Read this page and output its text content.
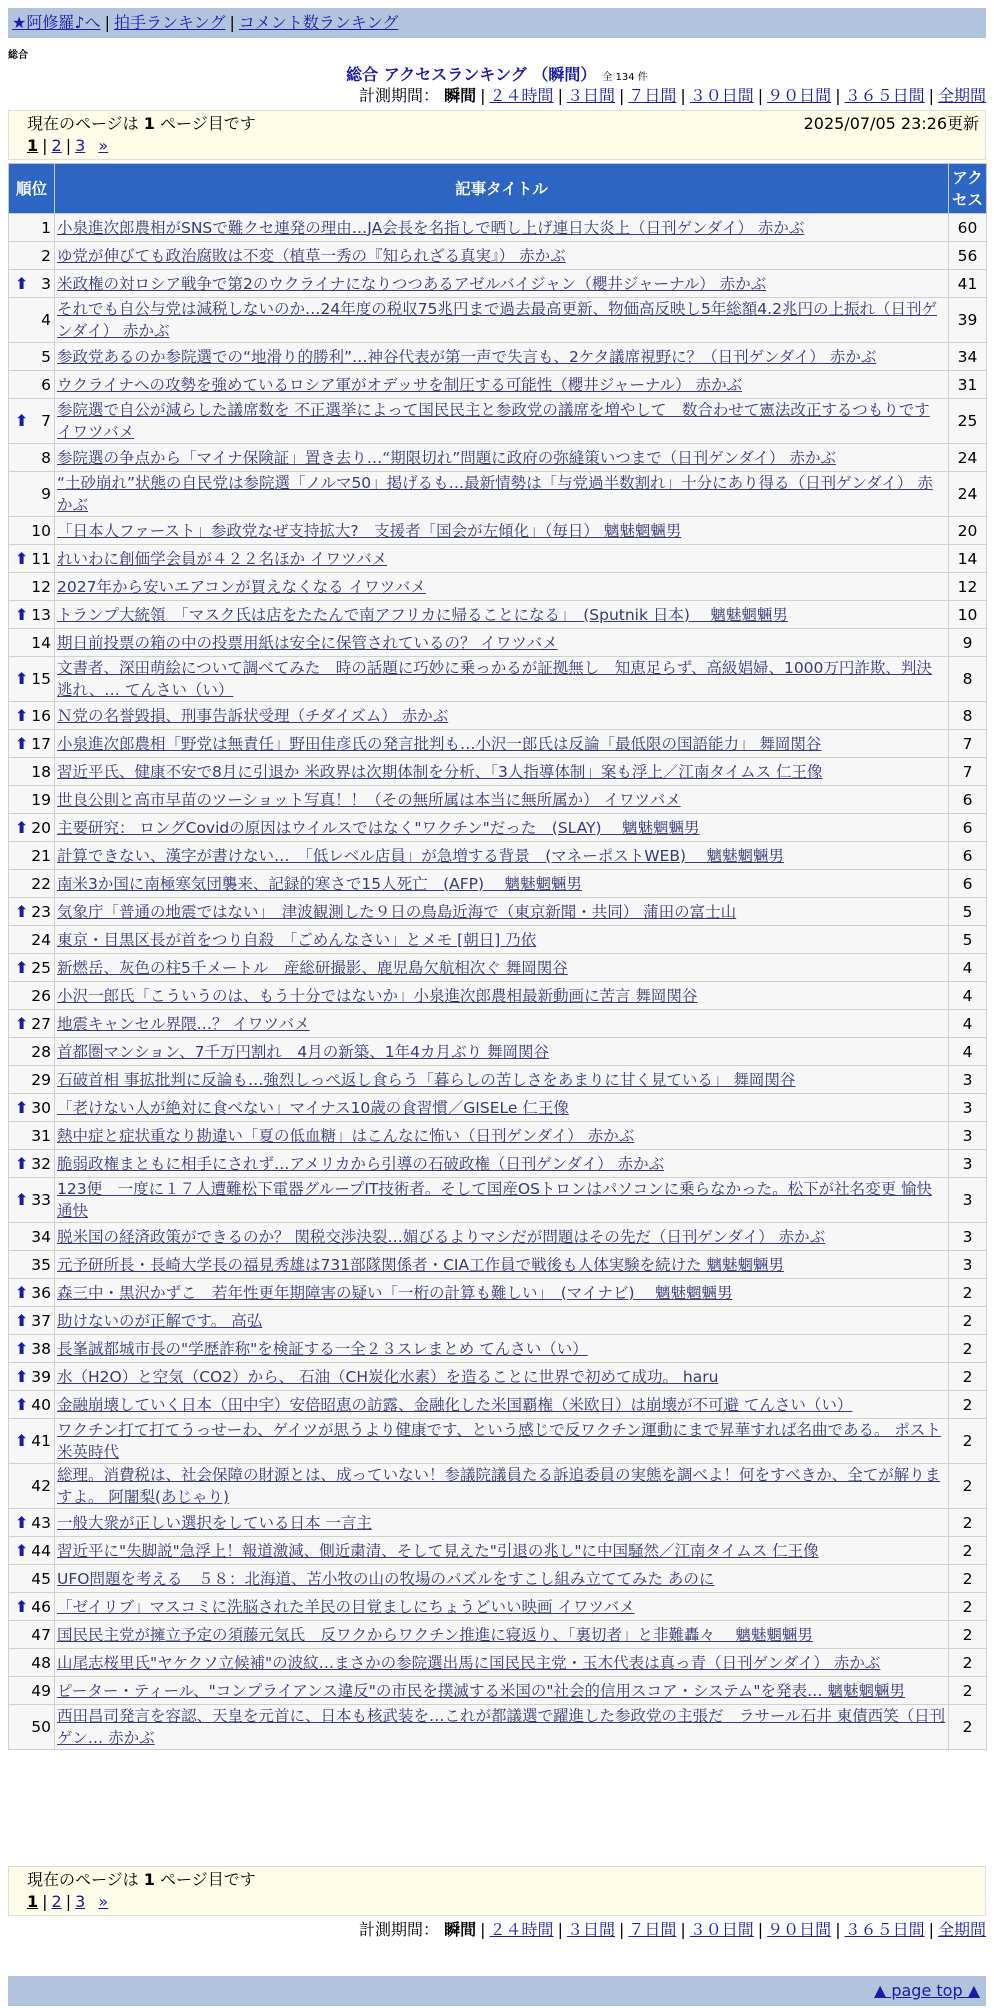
★阿修羅♪へ | 拍手ランキング | コメント数ランキング
総合
総合 アクセスランキング （瞬間） 全 134 件
計測期間： 瞬間 | ２４時間 | ３日間 | ７日間 | ３０日間 | ９０日間 | ３６５日間 | 全期間
現在のページは 1 ページ目です	2025/07/05 23:26更新
1 | 2 | 3 »
順位	記事タイトル	アクセス
1	小泉進次郎農相がSNSで難クセ連発の理由…JA会長を名指しで晒し上げ連日大炎上（日刊ゲンダイ） 赤かぶ	60
2	ゆ党が伸びても政治腐敗は不変（植草一秀の『知られざる真実』） 赤かぶ	56

⬆ 3	米政権の対ロシア戦争で第2のウクライナになりつつあるアゼルバイジャン（櫻井ジャーナル） 赤かぶ	41
4	それでも自公与党は減税しないのか…24年度の税収75兆円まで過去最高更新、物価高反映し5年総額4.2兆円の上振れ（日刊ゲンダイ） 赤かぶ	39
5	参政党あるのか参院選での“地滑り的勝利”…神谷代表が第一声で失言も、2ケタ議席視野に？（日刊ゲンダイ） 赤かぶ	34
6	ウクライナへの攻勢を強めているロシア軍がオデッサを制圧する可能性（櫻井ジャーナル） 赤かぶ	31

⬆ 7	参院選で自公が減らした議席数を 不正選挙によって国民民主と参政党の議席を増やして　数合わせて憲法改正するつもりです イワツバメ	25
8	参院選の争点から「マイナ保険証」置き去り…“期限切れ”問題に政府の弥縫策いつまで（日刊ゲンダイ） 赤かぶ	24
9	“土砂崩れ”状態の自民党は参院選「ノルマ50」掲げるも…最新情勢は「与党過半数割れ」十分にあり得る（日刊ゲンダイ） 赤かぶ	24
10	「日本人ファースト」参政党なぜ支持拡大?　支援者「国会が左傾化」（毎日） 魑魅魍魎男	20

⬆ 11	れいわに創価学会員が４２２名ほか イワツバメ	14
12	2027年から安いエアコンが買えなくなる イワツバメ	12

⬆ 13	トランプ大統領　「マスク氏は店をたたんで南アフリカに帰ることになる」　(Sputnik 日本)　 魑魅魍魎男	10
14	期日前投票の箱の中の投票用紙は安全に保管されているの？ イワツバメ	9

⬆ 15	文書者、深田萌絵について調べてみた　時の話題に巧妙に乗っかるが証拠無し　知恵足らず、高級娼婦、1000万円詐欺、判決逃れ、… てんさい（い）	8

⬆ 16	Ｎ党の名誉毀損、刑事告訴状受理（チダイズム） 赤かぶ	8

⬆ 17	小泉進次郎農相「野党は無責任」野田佳彦氏の発言批判も…小沢一郎氏は反論「最低限の国語能力」 舞岡関谷	7
18	習近平氏、健康不安で8月に引退か 米政界は次期体制を分析、「3人指導体制」案も浮上／江南タイムス 仁王像	7
19	世良公則と高市早苗のツーショット写真！！（その無所属は本当に無所属か） イワツバメ	6

⬆ 20	主要研究： ロングCovidの原因はウイルスではなく"ワクチン"だった　(SLAY)　 魑魅魍魎男	6
21	計算できない、漢字が書けない…　「低レベル店員」が急増する背景　(マネーポストWEB)　 魑魅魍魎男	6
22	南米3か国に南極寒気団襲来、記録的寒さで15人死亡　(AFP)　 魑魅魍魎男	6

⬆ 23	気象庁「普通の地震ではない」　津波観測した９日の鳥島近海で（東京新聞・共同） 蒲田の富士山	5
24	東京・目黒区長が首をつり自殺　「ごめんなさい」とメモ [朝日] 乃依	5

⬆ 25	新燃岳、灰色の柱5千メートル　産総研撮影、鹿児島欠航相次ぐ 舞岡関谷	4
26	小沢一郎氏「こういうのは、もう十分ではないか」小泉進次郎農相最新動画に苦言 舞岡関谷	4

⬆ 27	地震キャンセル界隈…？ イワツバメ	4
28	首都圏マンション、7千万円割れ　4月の新築、1年4カ月ぶり 舞岡関谷	4
29	石破首相 事拡批判に反論も…強烈しっぺ返し食らう「暮らしの苦しさをあまりに甘く見ている」 舞岡関谷	3

⬆ 30	「老けない人が絶対に食べない」マイナス10歳の食習慣／GISELe 仁王像	3
31	熱中症と症状重なり勘違い「夏の低血糖」はこんなに怖い（日刊ゲンダイ） 赤かぶ	3

⬆ 32	脆弱政権まともに相手にされず…アメリカから引導の石破政権（日刊ゲンダイ） 赤かぶ	3

⬆ 33	123便　一度に１７人遭難松下電器グループIT技術者。そして国産OSトロンはパソコンに乗らなかった。松下が社名変更 愉快通快	3
34	脱米国の経済政策ができるのか？ 関税交渉決裂…媚びるよりマシだが問題はその先だ（日刊ゲンダイ） 赤かぶ	3
35	元予研所長・長崎大学長の福見秀雄は731部隊関係者・CIA工作員で戦後も人体実験を続けた 魑魅魍魎男	3

⬆ 36	森三中・黒沢かずこ　若年性更年期障害の疑い「一桁の計算も難しい」　(マイナビ)　 魑魅魍魎男	2

⬆ 37	助けないのが正解です。 高弘	2

⬆ 38	長峯誠都城市長の"学歴詐称"を検証する一全２３スレまとめ てんさい（い）	2

⬆ 39	水（H2O）と空気（CO2）から、 石油（CH炭化水素）を造ることに世界で初めて成功。 haru	2

⬆ 40	金融崩壊していく日本（田中宇）安倍昭恵の訪露、金融化した米国覇権（米欧日）は崩壊が不可避 てんさい（い）	2

⬆ 41	ワクチン打て打てうっせーわ、ゲイツが思うより健康です、という感じで反ワクチン運動にまで昇華すれば名曲である。 ポスト米英時代	2
42	総理。消費税は、社会保障の財源とは、成っていない！参議院議員たる訴追委員の実態を調べよ！何をすべきか、全てが解りますよ。 阿闍梨(あじゃり)	2

⬆ 43	一般大衆が正しい選択をしている日本 一言主	2

⬆ 44	習近平に"失脚説"急浮上！報道激減、側近粛清、そして見えた"引退の兆し"に中国騒然／江南タイムス 仁王像	2
45	UFO問題を考える　５８：北海道、苫小牧の山の牧場のパズルをすこし組み立ててみた あのに	2

⬆ 46	「ゼイリブ」マスコミに洗脳された羊民の目覚ましにちょうどいい映画 イワツバメ	2
47	国民民主党が擁立予定の須藤元気氏　反ワクからワクチン推進に寝返り、「裏切者」と非難轟々　 魑魅魍魎男	2
48	山尾志桜里氏"ヤケクソ立候補"の波紋…まさかの参院選出馬に国民民主党・玉木代表は真っ青（日刊ゲンダイ） 赤かぶ	2
49	ピーター・ティール、"コンプライアンス違反"の市民を撲滅する米国の"社会的信用スコア・システム"を発表… 魑魅魍魎男	2
50	西田昌司発言を容認、天皇を元首に、日本も核武装を…これが都議選で躍進した参政党の主張だ　ラサール石井 東債西笑（日刊ゲン… 赤かぶ	2
現在のページは 1 ページ目です
1 | 2 | 3 »
計測期間： 瞬間 | ２４時間 | ３日間 | ７日間 | ３０日間 | ９０日間 | ３６５日間 | 全期間
▲ page top ▲
